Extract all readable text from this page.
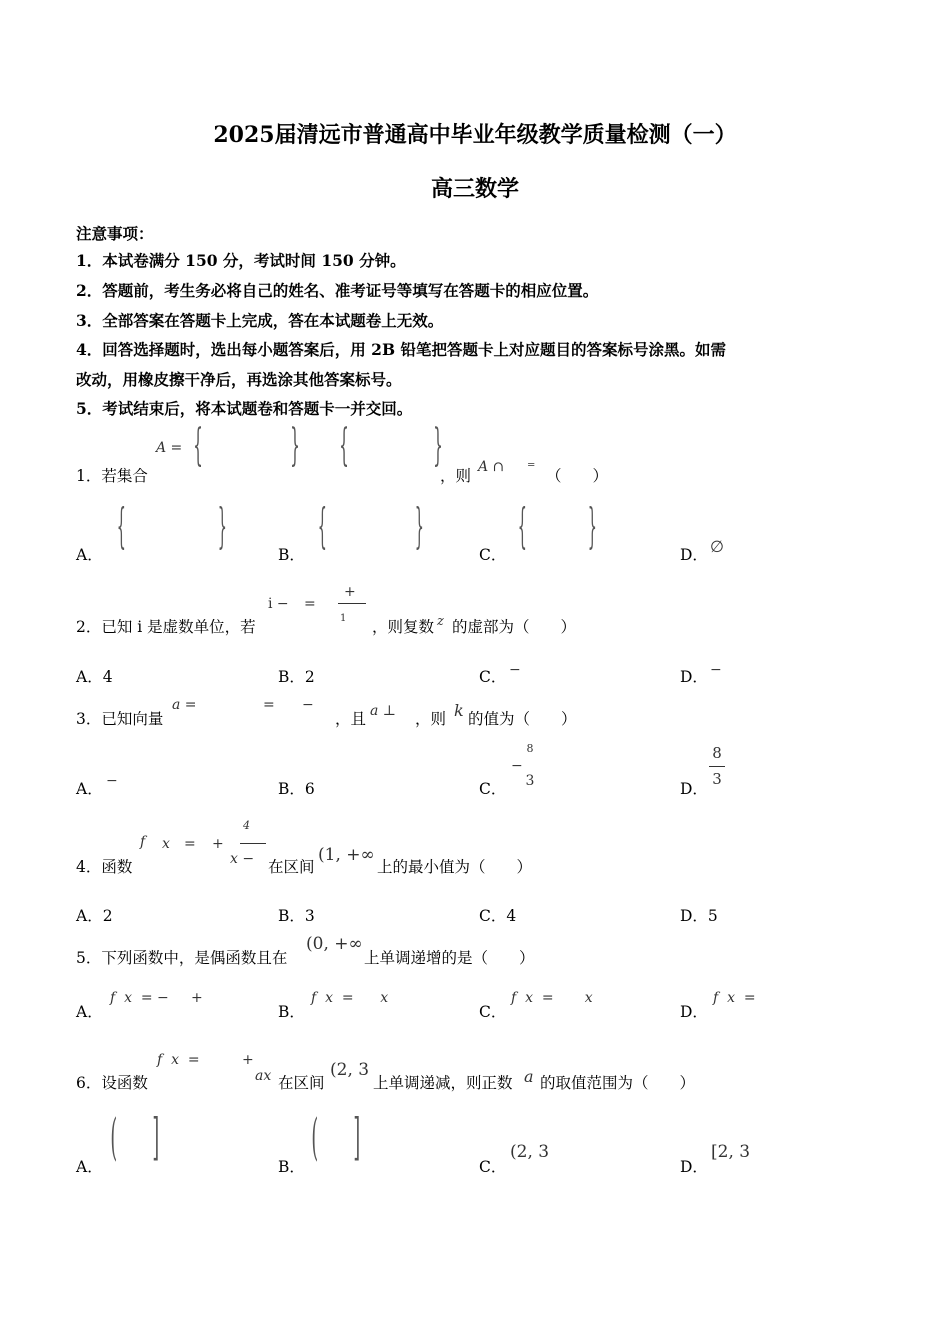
2025届清远市普通高中毕业年级教学质量检测（一）
高三数学
注意事项：
1．本试卷满分 150 分，考试时间 150 分钟。
2．答题前，考生务必将自己的姓名、准考证号等填写在答题卡的相应位置。
3．全部答案在答题卡上完成，答在本试题卷上无效。
4．回答选择题时，选出每小题答案后，用 2B 铅笔把答题卡上对应题目的答案标号涂黑。如需
改动，用橡皮擦干净后，再选涂其他答案标号。
5．考试结束后，将本试题卷和答题卡一并交回。
1．若集合
A = { } { }
，则 A ∩ =
（　　）
A．
{ }
B．
{ }
C．
{ }
D． ∅
2．已知 i 是虚数单位，若
i − =
+
1 ，则复数 z 的虚部为（　　）
A．4	B．2	C． −	D． −
3．已知向量
a =	= −
，且 a ⊥ ，则 k 的值为（　　）
A． −	B．6	C．
−
8
3	D．
8
3
4．函数
f x = +
4
x − 在区间
(1, +∞
上的最小值为（　　）
A．2	B．3	C．4	D．5
5．下列函数中，是偶函数且在
(0, +∞
上单调递增的是（　　）
A．
f  x  = −     +
B．
f  x  =      x
C．
f  x  =       x
D．
f  x  =
6．设函数
f  x  =	+
ax 在区间
(2, 3
上单调递减，则正数 a 的取值范围为（　　）
A．
( ]
B．
( ]
C．
(2, 3
D．
[2, 3
